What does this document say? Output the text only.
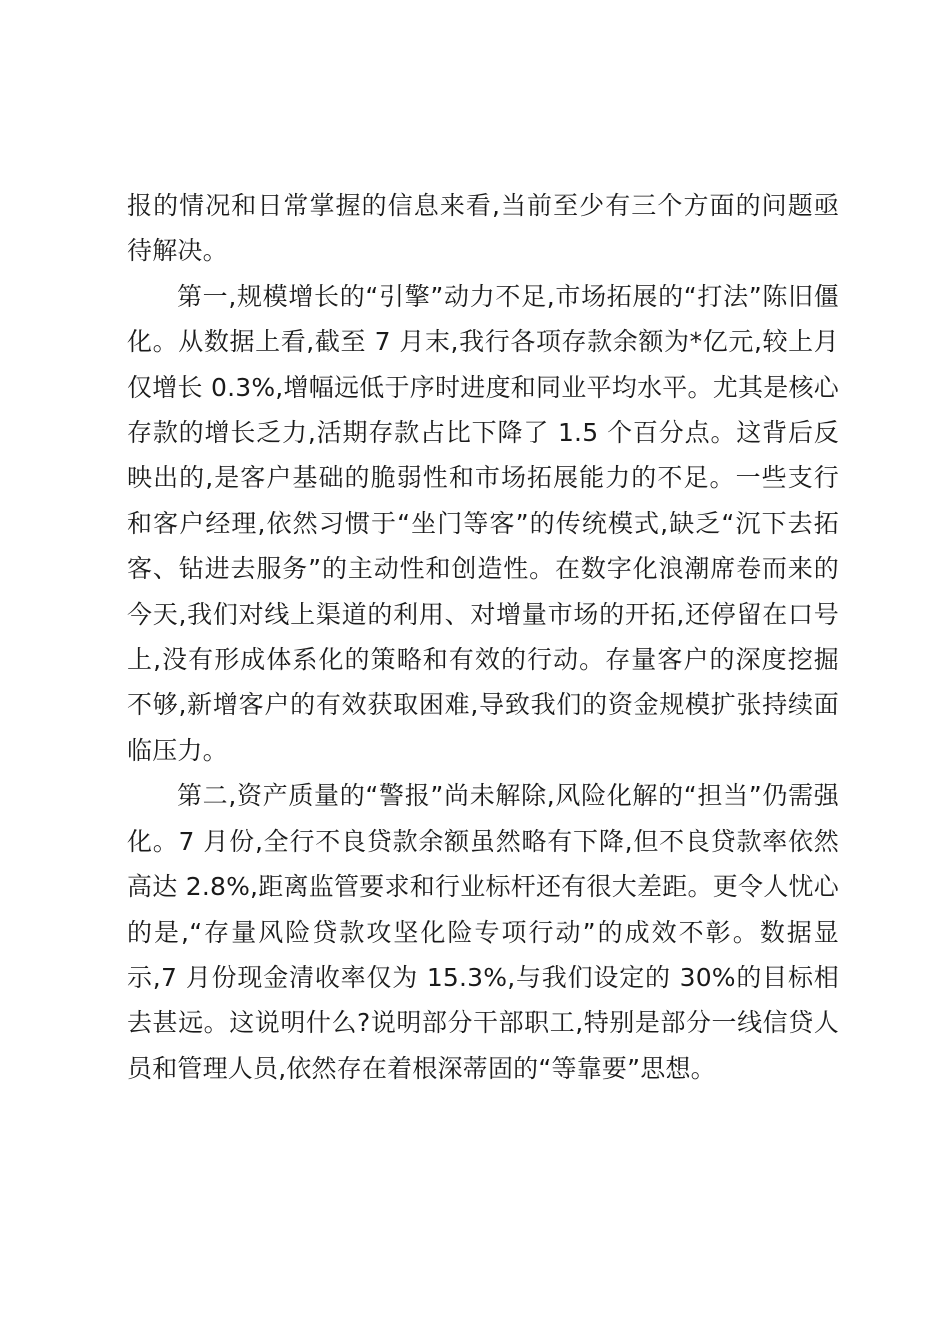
报的情况和日常掌握的信息来看,当前至少有三个方面的问题亟待解决。

第一,规模增长的“引擎”动力不足,市场拓展的“打法”陈旧僵化。从数据上看,截至 7 月末,我行各项存款余额为*亿元,较上月仅增长 0.3%,增幅远低于序时进度和同业平均水平。尤其是核心存款的增长乏力,活期存款占比下降了 1.5 个百分点。这背后反映出的,是客户基础的脆弱性和市场拓展能力的不足。一些支行和客户经理,依然习惯于“坐门等客”的传统模式,缺乏“沉下去拓客、钻进去服务”的主动性和创造性。在数字化浪潮席卷而来的今天,我们对线上渠道的利用、对增量市场的开拓,还停留在口号上,没有形成体系化的策略和有效的行动。存量客户的深度挖掘不够,新增客户的有效获取困难,导致我们的资金规模扩张持续面临压力。

第二,资产质量的“警报”尚未解除,风险化解的“担当”仍需强化。7 月份,全行不良贷款余额虽然略有下降,但不良贷款率依然高达 2.8%,距离监管要求和行业标杆还有很大差距。更令人忧心的是,“存量风险贷款攻坚化险专项行动”的成效不彰。数据显示,7 月份现金清收率仅为 15.3%,与我们设定的 30%的目标相去甚远。这说明什么?说明部分干部职工,特别是部分一线信贷人员和管理人员,依然存在着根深蒂固的“等靠要”思想。
